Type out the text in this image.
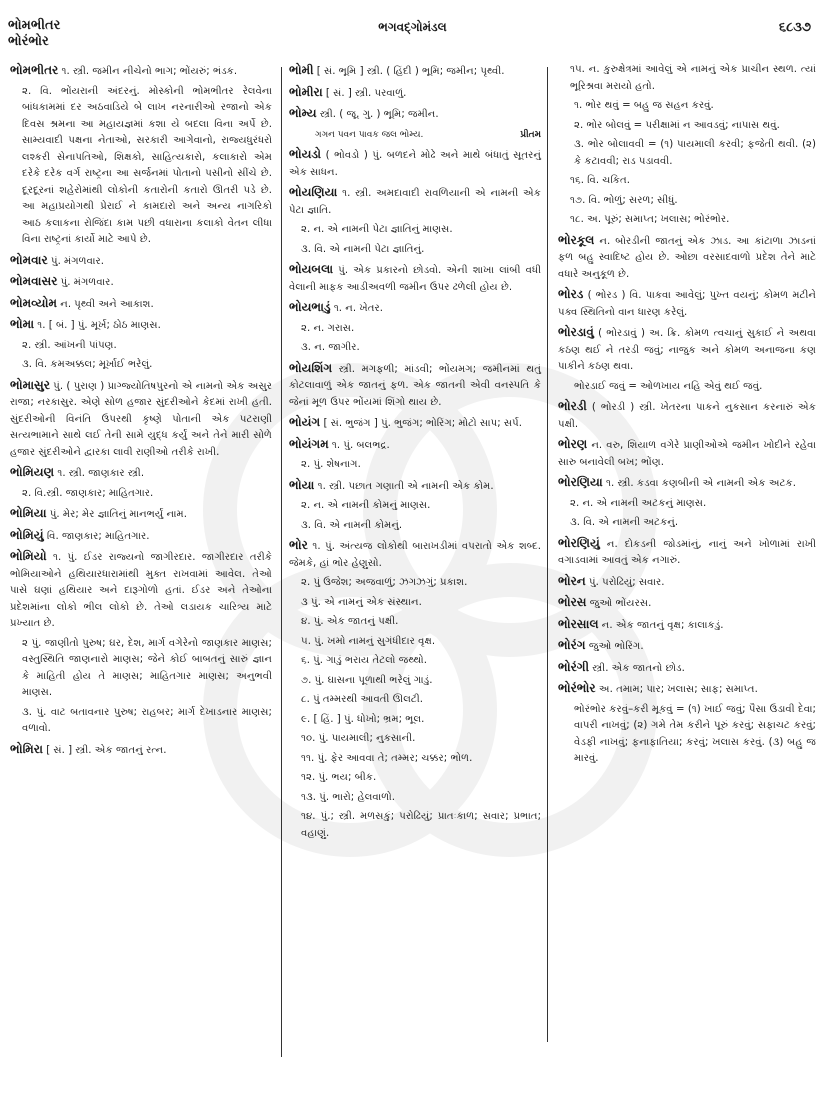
ભોમભીતર
ભોરંભોર
ભગવદ્ગોમંડલ	૬૮૩૭
ભોમભીતર ૧. સ્ત્રી. જમીન નીચેનો ભાગ; ભોંયરું; ભંડક.
૨. વિ. ભોંયરાની અંદરનું. મોસ્કોની ભોમભીતર રેલવેના બાંધકામમાં દર અઠવાડિયે બે લાખ નરનારીઓ રજાનો એક દિવસ શ્રમના આ મહાયજ્ઞમાં કશા યે બદલા વિના અર્પે છે. સામ્યવાદી પક્ષના નેતાઓ, સરકારી આગેવાનો, રાજ્યધુરંધરો લશ્કરી સેનાપતિઓ, શિક્ષકો, સાહિત્યકારો, કલાકારો એમ દરેકે દરેક વર્ગ રાષ્ટ્રના આ સર્જનમાં પોતાનો પસીનો સીંચે છે. દૂરદૂરનાં શહેરોમાંથી લોકોની કતારોની કતારો ઊતરી પડે છે. આ મહાપ્રયોગથી પ્રેરાઈ ને કામદારો અને અન્ય નાગરિકો આઠ કલાકના રોજિંદા કામ પછી વધારાના કલાકો વેતન લીધા વિના રાષ્ટ્રનાં કાર્યો માટે આપે છે.
ભોમવાર પું. મંગળવાર.
ભોમવાસર પું. મંગળવાર.
ભોમવ્યોમ ન. પૃથ્વી અને આકાશ.
ભોમા ૧. [ બં. ] પું. મૂર્ખ; ઠોઠ માણસ.
૨. સ્ત્રી. આંખની પાંપણ.
૩. વિ. કમઅક્કલ; મૂર્ખાઈ ભરેલું.
ભોમાસુર પું. ( પુરાણ ) પ્રાગ્જ્યોતિષપુરનો એ નામનો એક અસુર રાજા; નરકાસુર. એણે સોળ હજાર સુંદરીઓને કેદમાં રાખી હતી. સુંદરીઓની વિનંતિ ઉપરથી કૃષ્ણે પોતાની એક પટરાણી સત્યભામાને સાથે લઈ તેની સામે યુદ્ધ કર્યું અને તેને મારી સોળે હજાર સુંદરીઓને દ્વારકા લાવી રાણીઓ તરીકે રાખી.
ભોમિયણ ૧. સ્ત્રી. જાણકાર સ્ત્રી.
૨. વિ.સ્ત્રી. જાણકાર; માહિતગાર.
ભોમિયા પું. મેર; મેર જ્ઞાતિનું માનભર્યું નામ.
ભોમિયું વિ. જાણકાર; માહિતગાર.
ભોમિયો ૧. પું. ઈડર રાજ્યનો જાગીરદાર. જાગીરદાર તરીકે ભોમિયાઓને હથિયારધારામાંથી મુક્ત રાખવામાં આવેલ. તેઓ પાસે ઘણાં હથિયાર અને દારૂગોળો હતાં. ઈડર અને તેઓના પ્રદેશમાંના લોકો ભીલ લોકો છે. તેઓ લડાયક ચારિત્ર્ય માટે પ્રખ્યાત છે.
૨ પું. જાણીતો પુરુષ; ઘર, દેશ, માર્ગ વગેરેનો જાણકાર માણસ; વસ્તુસ્થિતિ જાણનારો માણસ; જેને કોઈ બાબતનું સારું જ્ઞાન કે માહિતી હોય તે માણસ; માહિતગાર માણસ; અનુભવી માણસ.
૩. પું. વાટ બતાવનાર પુરુષ; રાહબર; માર્ગ દેખાડનાર માણસ; વળાવો.
ભોમિરા [ સં. ] સ્ત્રી. એક જાતનું રત્ન.
ભોમી [ સં. ભૂમિ ] સ્ત્રી. ( હિંદી ) ભૂમિ; જમીન; પૃથ્વી.
ભોમીરા [ સં. ] સ્ત્રી. પરવાળું.
ભોમ્ય સ્ત્રી. ( જૂ. ગુ. ) ભૂમિ; જમીન.
ગગન પવન પાવક જલ ભોમ્ય.	પ્રીતમ
ભોયડો ( ભોવડો ) પું. બળદને મોઢે અને માથે બંધાતું સૂતરનું એક સાધન.
ભોયણિયા ૧. સ્ત્રી. અમદાવાદી રાવળિયાની એ નામની એક પેટા જ્ઞાતિ.
૨. ન. એ નામની પેટા જ્ઞાતિનું માણસ.
૩. વિ. એ નામની પેટા જ્ઞાતિનું.
ભોયબલા પું. એક પ્રકારનો છોડવો. એની શાખા લાંબી વધી વેલાની માફક આડીઅવળી જમીન ઉપર ઢળેલી હોય છે.
ભોયભાડું ૧. ન. ખેતર.
૨. ન. ગરાસ.
૩. ન. જાગીર.
ભોયશિંગ સ્ત્રી. મગફળી; માંડવી; ભોંયમગ; જમીનમાં થતું કોટલાવાળું એક જાતનું ફળ. એક જાતની એવી વનસ્પતિ કે જેનાં મૂળ ઉપર ભોંયમાં શિંગો થાય છે.
ભોયંગ [ સં. ભુજંગ ] પું. ભુજંગ; ભોરિંગ; મોટો સાપ; સર્પ.
ભોયંગમ ૧. પું. બલભદ્ર.
૨. પું. શેષનાગ.
ભોયા ૧. સ્ત્રી. પછાત ગણાતી એ નામની એક કોમ.
૨. ન. એ નામની કોમનું માણસ.
૩. વિ. એ નામની કોમનું.
ભોર ૧. પું. અંત્યજ લોકોથી બારાખડીમાં વપરાતો એક શબ્દ. જેમકે, હાં ભોર હેણુસો.
૨. પું ઉજેશ; અજવાળું; ઝગઝગું; પ્રકાશ.
૩ પું. એ નામનું એક સંસ્થાન.
૪. પું. એક જાતનું પક્ષી.
૫. પું. ખમો નામનું સુગંધીદાર વૃક્ષ.
૬. પું. ગાડું ભરાય તેટલો જથ્થો.
૭. પું. ઘાસના પૂળાથી ભરેલું ગાડું.
૮. પું તમ્મરથી આવતી ઊલટી.
૯. [ હિં. ] પું. ધોખો; ભ્રમ; ભૂલ.
૧૦. પું. પાયમાલી; નુકસાની.
૧૧. પું. ફેર આવવા તે; તમ્મર; ચક્કર; ભોળ.
૧૨. પું. ભય; બીક.
૧૩. પું. ભારો; હેલવાળો.
૧૪. પું.; સ્ત્રી. મળસકું; પરોઢિયું; પ્રાતઃકાળ; સવાર; પ્રભાત; વહાણું.
૧૫. ન. કુરુક્ષેત્રમાં આવેલું એ નામનું એક પ્રાચીન સ્થળ. ત્યાં ભૂરિશ્રવા મરાયો હતો.
૧. ભોર થવું = બહુ જ સહન કરવું.
૨. ભોર બોલવું = પરીક્ષામાં ન આવડવું; નાપાસ થવું.
૩. ભોર બોલાવવી = (૧) પાયમાલી કરવી; ફજેતી થવી. (૨) કે કટાવવી; રાડ પડાવવી.
૧૬. વિ. ચકિત.
૧૭. વિ. ભોળું; સરળ; સીધું.
૧૮. અ. પૂરું; સમાપ્ત; ખલાસ; ભોરંભોર.
ભોરકૂલ ન. બોરડીની જાતનું એક ઝાડ. આ કાંટાળા ઝાડનાં ફળ બહુ સ્વાદિષ્ટ હોય છે. ઓછા વરસાદવાળો પ્રદેશ તેને માટે વધારે અનુકૂળ છે.
ભોરડ ( ભોરડ ) વિ. પાકવા આવેલું; પુખ્ત વયનું; કોમળ મટીને પક્વ સ્થિતિનો વાન ધારણ કરેલું.
ભોરડાવું ( ભોરડાવું ) અ. ક્રિ. કોમળ ત્વચાનું સુકાઈ ને અથવા કઠણ થઈ ને તરડી જવું; નાજુક અને કોમળ અનાજના કણ પાકીને કઠણ થવા.
ભોરડાઈ જવું = ઓળખાય નહિ એવું થઈ જવું.
ભોરડી ( ભોરડી ) સ્ત્રી. ખેતરના પાકને નુકસાન કરનારું એક પક્ષી.
ભોરણ ન. વરુ, શિયાળ વગેરે પ્રાણીઓએ જમીન ખોદીને રહેવા સારુ બનાવેલી બખ; ભોંણ.
ભોરણિયા ૧. સ્ત્રી. કડવા કણબીની એ નામની એક અટક.
૨. ન. એ નામની અટકનું માણસ.
૩. વિ. એ નામની અટકનું.
ભોરણિયું ન. દોકડની જોડમાંનું, નાનું અને ખોળામાં રાખી વગાડવામાં આવતું એક નગારું.
ભોરન પું. પરોઢિયું; સવાર.
ભોરસ જુઓ ભોંયરસ.
ભોરસાલ ન. એક જાતનું વૃક્ષ; કાલાકડું.
ભોરંગ જુઓ ભોરિંગ.
ભોરંગી સ્ત્રી. એક જાતનો છોડ.
ભોરંભોર અ. તમામ; પાર; ખલાસ; સાફ; સમાપ્ત.
ભોરંભોર કરવું–કરી મૂકવું = (૧) ખાઈ જવું; પૈસા ઉડાવી દેવા; વાપરી નાખવું; (૨) ગમે તેમ કરીને પૂરું કરવું; સફાચટ કરવું; વેડફી નાખવું; ફનાફાતિયા; કરવું; ખલાસ કરવું. (૩) બહુ જ મારવું.
